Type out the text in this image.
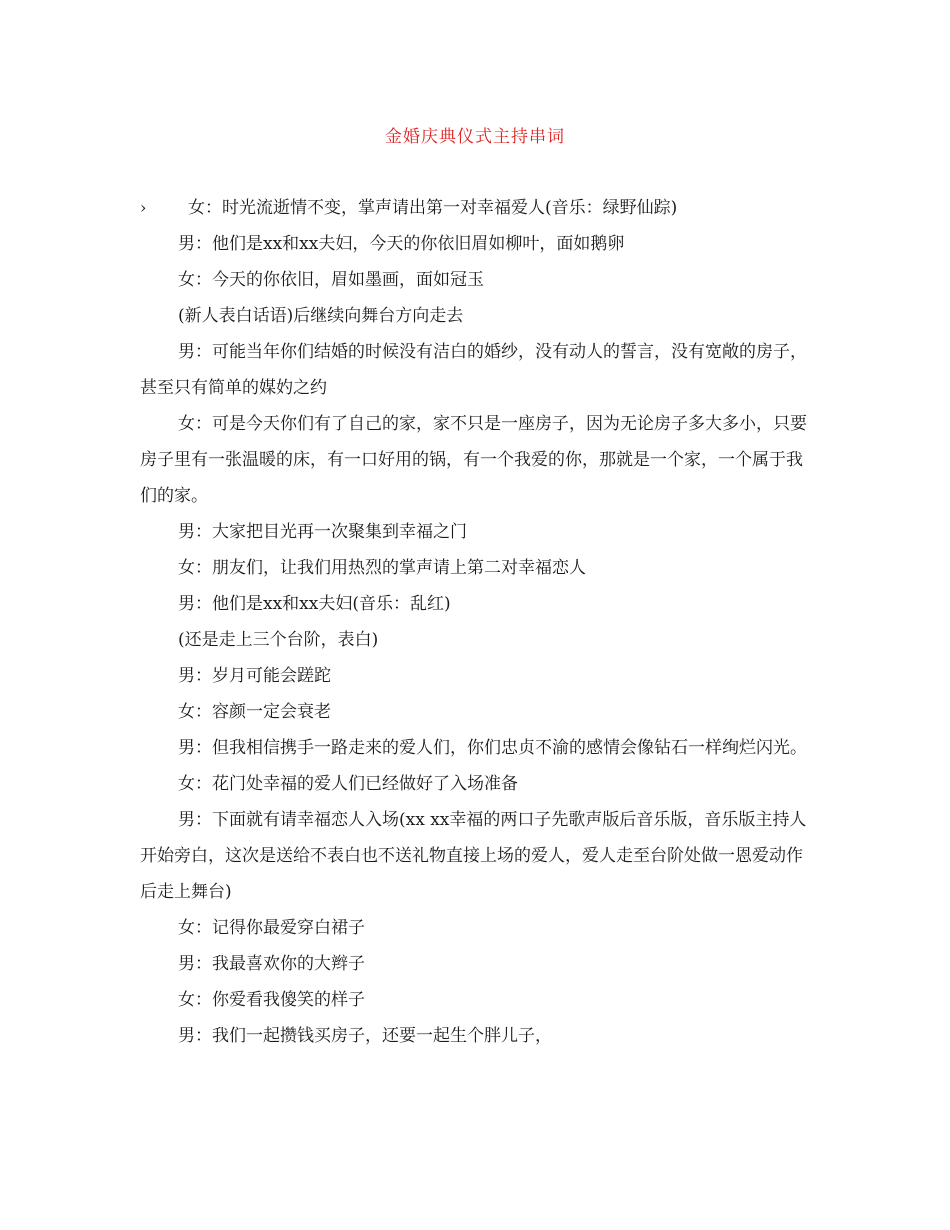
金婚庆典仪式主持串词
› 女：时光流逝情不变，掌声请出第一对幸福爱人(音乐：绿野仙踪)

男：他们是xx和xx夫妇，今天的你依旧眉如柳叶，面如鹅卵

女：今天的你依旧，眉如墨画，面如冠玉

(新人表白话语)后继续向舞台方向走去

男：可能当年你们结婚的时候没有洁白的婚纱，没有动人的誓言，没有宽敞的房子，甚至只有简单的媒妁之约

女：可是今天你们有了自己的家，家不只是一座房子，因为无论房子多大多小，只要房子里有一张温暖的床，有一口好用的锅，有一个我爱的你，那就是一个家，一个属于我们的家。

男：大家把目光再一次聚集到幸福之门

女：朋友们，让我们用热烈的掌声请上第二对幸福恋人

男：他们是xx和xx夫妇(音乐：乱红)

(还是走上三个台阶，表白)

男：岁月可能会蹉跎

女：容颜一定会衰老

男：但我相信携手一路走来的爱人们，你们忠贞不渝的感情会像钻石一样绚烂闪光。

女：花门处幸福的爱人们已经做好了入场准备

男：下面就有请幸福恋人入场(xx xx幸福的两口子先歌声版后音乐版，音乐版主持人开始旁白，这次是送给不表白也不送礼物直接上场的爱人，爱人走至台阶处做一恩爱动作后走上舞台)

女：记得你最爱穿白裙子

男：我最喜欢你的大辫子

女：你爱看我傻笑的样子

男：我们一起攒钱买房子，还要一起生个胖儿子，
